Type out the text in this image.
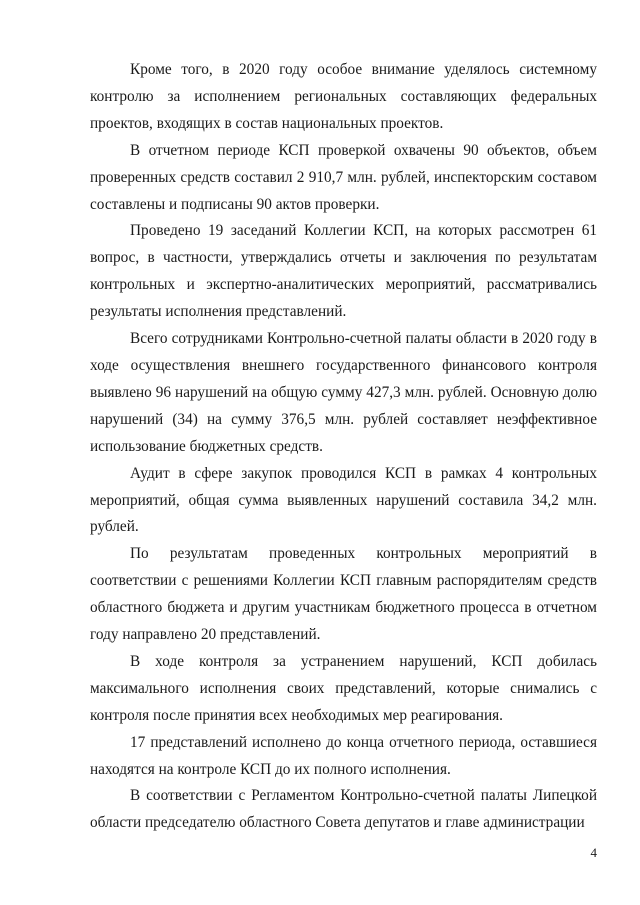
Кроме того, в 2020 году особое внимание уделялось системному контролю за исполнением региональных составляющих федеральных проектов, входящих в состав национальных проектов.

В отчетном периоде КСП проверкой охвачены 90 объектов, объем проверенных средств составил 2 910,7 млн. рублей, инспекторским составом составлены и подписаны 90 актов проверки.

Проведено 19 заседаний Коллегии КСП, на которых рассмотрен 61 вопрос, в частности, утверждались отчеты и заключения по результатам контрольных и экспертно-аналитических мероприятий, рассматривались результаты исполнения представлений.

Всего сотрудниками Контрольно-счетной палаты области в 2020 году в ходе осуществления внешнего государственного финансового контроля выявлено 96 нарушений на общую сумму 427,3 млн. рублей. Основную долю нарушений (34) на сумму 376,5 млн. рублей составляет неэффективное использование бюджетных средств.

Аудит в сфере закупок проводился КСП в рамках 4 контрольных мероприятий, общая сумма выявленных нарушений составила 34,2 млн. рублей.

По результатам проведенных контрольных мероприятий в соответствии с решениями Коллегии КСП главным распорядителям средств областного бюджета и другим участникам бюджетного процесса в отчетном году направлено 20 представлений.

В ходе контроля за устранением нарушений, КСП добилась максимального исполнения своих представлений, которые снимались с контроля после принятия всех необходимых мер реагирования.

17 представлений исполнено до конца отчетного периода, оставшиеся находятся на контроле КСП до их полного исполнения.

В соответствии с Регламентом Контрольно-счетной палаты Липецкой области председателю областного Совета депутатов и главе администрации

4
